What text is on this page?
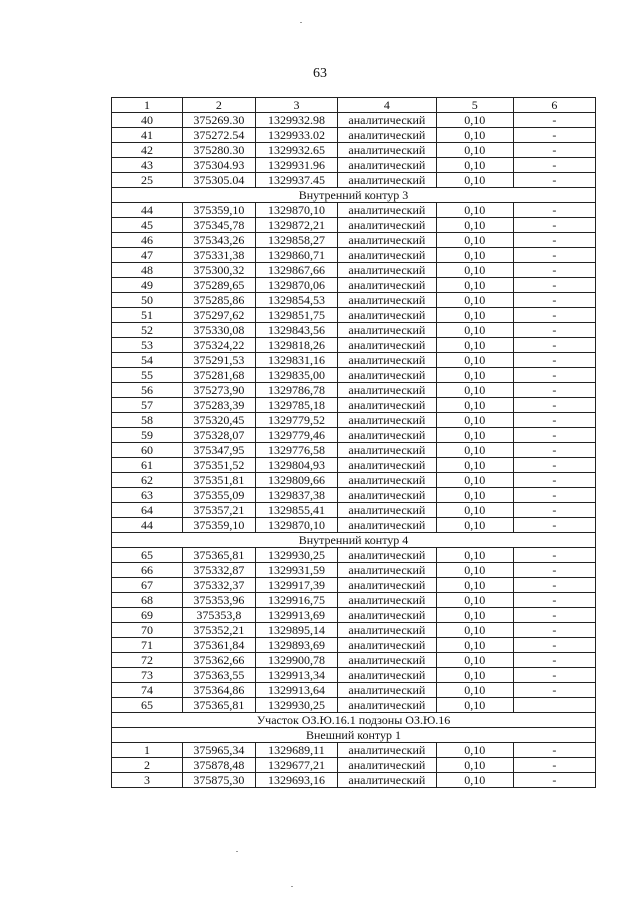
63
1	2	3	4	5	6
40	375269.30	1329932.98	аналитический	0,10	-
41	375272.54	1329933.02	аналитический	0,10	-
42	375280.30	1329932.65	аналитический	0,10	-
43	375304.93	1329931.96	аналитический	0,10	-
25	375305.04	1329937.45	аналитический	0,10	-
Внутренний контур 3					
44	375359,10	1329870,10	аналитический	0,10	-
45	375345,78	1329872,21	аналитический	0,10	-
46	375343,26	1329858,27	аналитический	0,10	-
47	375331,38	1329860,71	аналитический	0,10	-
48	375300,32	1329867,66	аналитический	0,10	-
49	375289,65	1329870,06	аналитический	0,10	-
50	375285,86	1329854,53	аналитический	0,10	-
51	375297,62	1329851,75	аналитический	0,10	-
52	375330,08	1329843,56	аналитический	0,10	-
53	375324,22	1329818,26	аналитический	0,10	-
54	375291,53	1329831,16	аналитический	0,10	-
55	375281,68	1329835,00	аналитический	0,10	-
56	375273,90	1329786,78	аналитический	0,10	-
57	375283,39	1329785,18	аналитический	0,10	-
58	375320,45	1329779,52	аналитический	0,10	-
59	375328,07	1329779,46	аналитический	0,10	-
60	375347,95	1329776,58	аналитический	0,10	-
61	375351,52	1329804,93	аналитический	0,10	-
62	375351,81	1329809,66	аналитический	0,10	-
63	375355,09	1329837,38	аналитический	0,10	-
64	375357,21	1329855,41	аналитический	0,10	-
44	375359,10	1329870,10	аналитический	0,10	-
Внутренний контур 4					
65	375365,81	1329930,25	аналитический	0,10	-
66	375332,87	1329931,59	аналитический	0,10	-
67	375332,37	1329917,39	аналитический	0,10	-
68	375353,96	1329916,75	аналитический	0,10	-
69	375353,8	1329913,69	аналитический	0,10	-
70	375352,21	1329895,14	аналитический	0,10	-
71	375361,84	1329893,69	аналитический	0,10	-
72	375362,66	1329900,78	аналитический	0,10	-
73	375363,55	1329913,34	аналитический	0,10	-
74	375364,86	1329913,64	аналитический	0,10	-
65	375365,81	1329930,25	аналитический	0,10	
Участок ОЗ.Ю.16.1 подзоны ОЗ.Ю.16					
Внешний контур 1					
1	375965,34	1329689,11	аналитический	0,10	-
2	375878,48	1329677,21	аналитический	0,10	-
3	375875,30	1329693,16	аналитический	0,10	-
